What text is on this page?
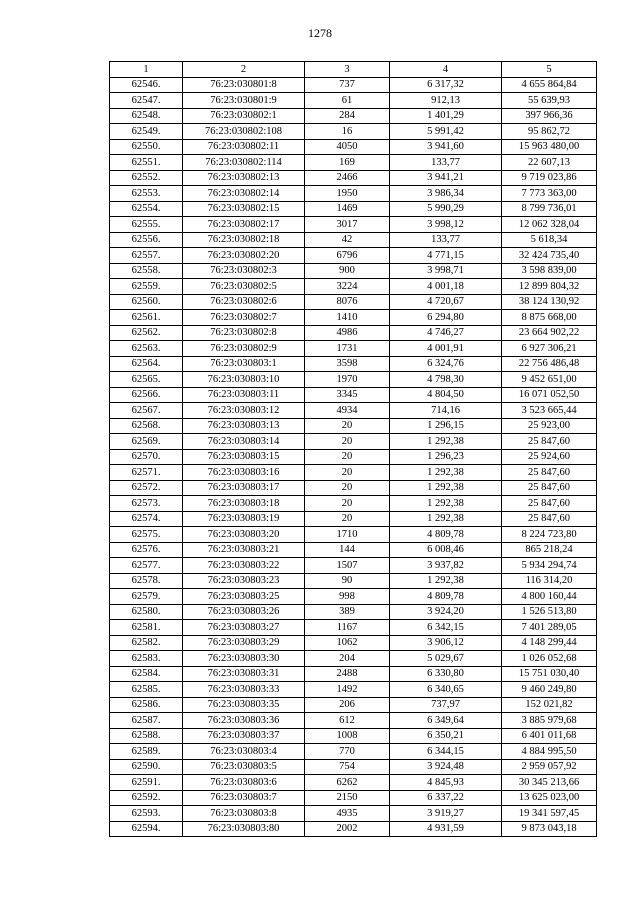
1278
1	2	3	4	5
62546.	76:23:030801:8	737	6 317,32	4 655 864,84
62547.	76:23:030801:9	61	912,13	55 639,93
62548.	76:23:030802:1	284	1 401,29	397 966,36
62549.	76:23:030802:108	16	5 991,42	95 862,72
62550.	76:23:030802:11	4050	3 941,60	15 963 480,00
62551.	76:23:030802:114	169	133,77	22 607,13
62552.	76:23:030802:13	2466	3 941,21	9 719 023,86
62553.	76:23:030802:14	1950	3 986,34	7 773 363,00
62554.	76:23:030802:15	1469	5 990,29	8 799 736,01
62555.	76:23:030802:17	3017	3 998,12	12 062 328,04
62556.	76:23:030802:18	42	133,77	5 618,34
62557.	76:23:030802:20	6796	4 771,15	32 424 735,40
62558.	76:23:030802:3	900	3 998,71	3 598 839,00
62559.	76:23:030802:5	3224	4 001,18	12 899 804,32
62560.	76:23:030802:6	8076	4 720,67	38 124 130,92
62561.	76:23:030802:7	1410	6 294,80	8 875 668,00
62562.	76:23:030802:8	4986	4 746,27	23 664 902,22
62563.	76:23:030802:9	1731	4 001,91	6 927 306,21
62564.	76:23:030803:1	3598	6 324,76	22 756 486,48
62565.	76:23:030803:10	1970	4 798,30	9 452 651,00
62566.	76:23:030803:11	3345	4 804,50	16 071 052,50
62567.	76:23:030803:12	4934	714,16	3 523 665,44
62568.	76:23:030803:13	20	1 296,15	25 923,00
62569.	76:23:030803:14	20	1 292,38	25 847,60
62570.	76:23:030803:15	20	1 296,23	25 924,60
62571.	76:23:030803:16	20	1 292,38	25 847,60
62572.	76:23:030803:17	20	1 292,38	25 847,60
62573.	76:23:030803:18	20	1 292,38	25 847,60
62574.	76:23:030803:19	20	1 292,38	25 847,60
62575.	76:23:030803:20	1710	4 809,78	8 224 723,80
62576.	76:23:030803:21	144	6 008,46	865 218,24
62577.	76:23:030803:22	1507	3 937,82	5 934 294,74
62578.	76:23:030803:23	90	1 292,38	116 314,20
62579.	76:23:030803:25	998	4 809,78	4 800 160,44
62580.	76:23:030803:26	389	3 924,20	1 526 513,80
62581.	76:23:030803:27	1167	6 342,15	7 401 289,05
62582.	76:23:030803:29	1062	3 906,12	4 148 299,44
62583.	76:23:030803:30	204	5 029,67	1 026 052,68
62584.	76:23:030803:31	2488	6 330,80	15 751 030,40
62585.	76:23:030803:33	1492	6 340,65	9 460 249,80
62586.	76:23:030803:35	206	737,97	152 021,82
62587.	76:23:030803:36	612	6 349,64	3 885 979,68
62588.	76:23:030803:37	1008	6 350,21	6 401 011,68
62589.	76:23:030803:4	770	6 344,15	4 884 995,50
62590.	76:23:030803:5	754	3 924,48	2 959 057,92
62591.	76:23:030803:6	6262	4 845,93	30 345 213,66
62592.	76:23:030803:7	2150	6 337,22	13 625 023,00
62593.	76:23:030803:8	4935	3 919,27	19 341 597,45
62594.	76:23:030803:80	2002	4 931,59	9 873 043,18
